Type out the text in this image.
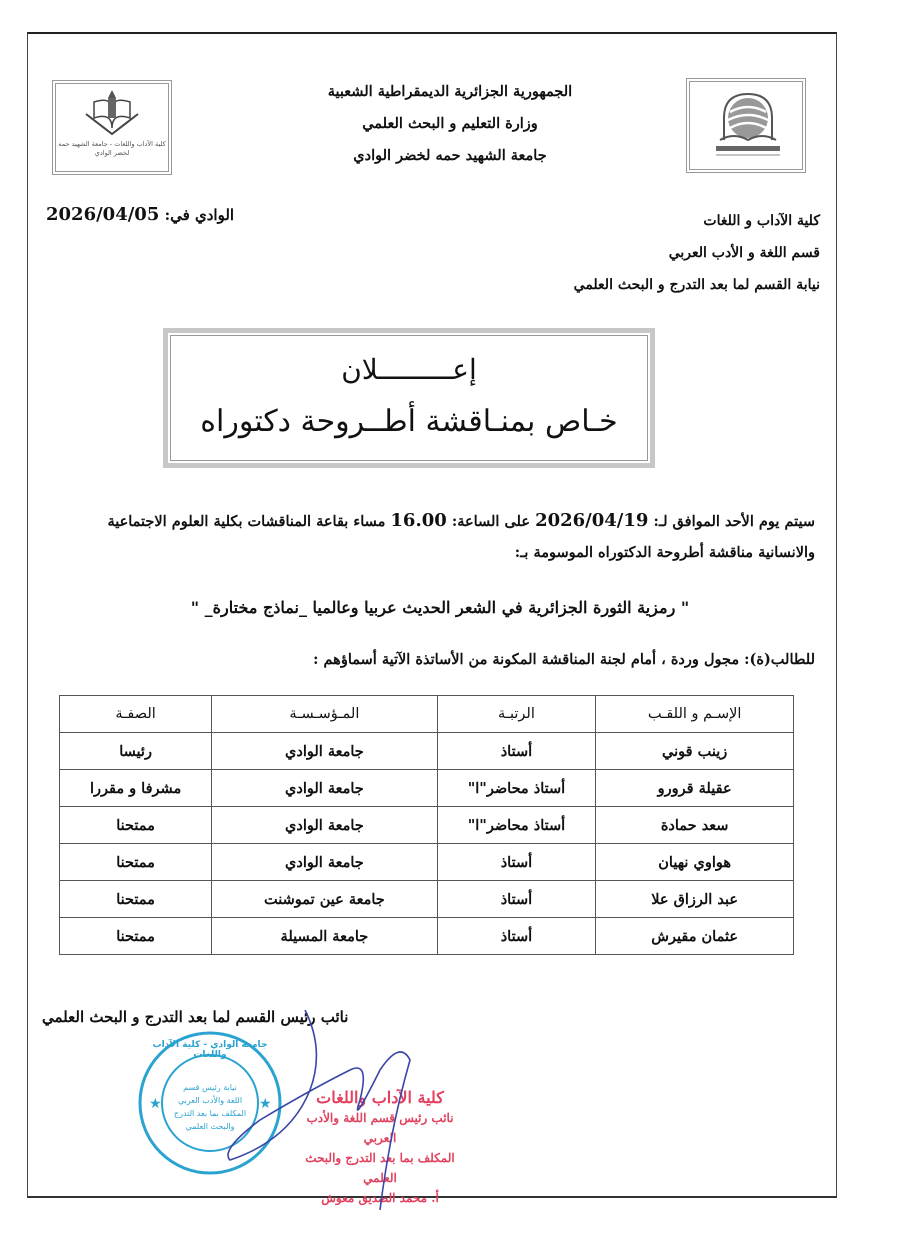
كلية الآداب واللغات - جامعة الشهيد حمه لخضر الوادي
الجمهورية الجزائرية الديمقراطية الشعبية
وزارة التعليم و البحث العلمي
جامعة الشهيد حمه لخضر الوادي
كلية الآداب و اللغات
قسم اللغة و الأدب العربي
نيابة القسم لما بعد التدرج و البحث العلمي
الوادي في: 2026/04/05
إعـــــــــلان
خـاص بمنـاقشة أطــروحة دكتوراه
سيتم يوم الأحد الموافق لـ: 2026/04/19 على الساعة: 16.00 مساء بقاعة المناقشات بكلية العلوم الاجتماعية والانسانية مناقشة أطروحة الدكتوراه الموسومة بـ:
" رمزية الثورة الجزائرية في الشعر الحديث عربيا وعالميا _نماذج مختارة_ "
للطالب(ة): مجول وردة ، أمام لجنة المناقشة المكونة من الأساتذة الآتية أسماؤهم :
الإسـم و اللقـب	الرتبـة	المـؤسـسـة	الصفـة
زينب قوني	أستاذ	جامعة الوادي	رئيسا
عقيلة قرورو	أستاذ محاضر"ا"	جامعة الوادي	مشرفا و مقررا
سعد حمادة	أستاذ محاضر"ا"	جامعة الوادي	ممتحنا
هواوي نهيان	أستاذ	جامعة الوادي	ممتحنا
عبد الرزاق علا	أستاذ	جامعة عين تموشنت	ممتحنا
عثمان مقيرش	أستاذ	جامعة المسيلة	ممتحنا
نائب رئيس القسم لما بعد التدرج و البحث العلمي
نيابة رئيس قسم
اللغة والأدب العربي
المكلف بما بعد التدرج
والبحث العلمي
★	★
جامعة الوادي - كلية الآداب واللغات
كلية الآداب واللغات
نائب رئيس قسم اللغة والأدب العربي
المكلف بما بعد التدرج والبحث العلمي
أ. محمد الصديق معوش
